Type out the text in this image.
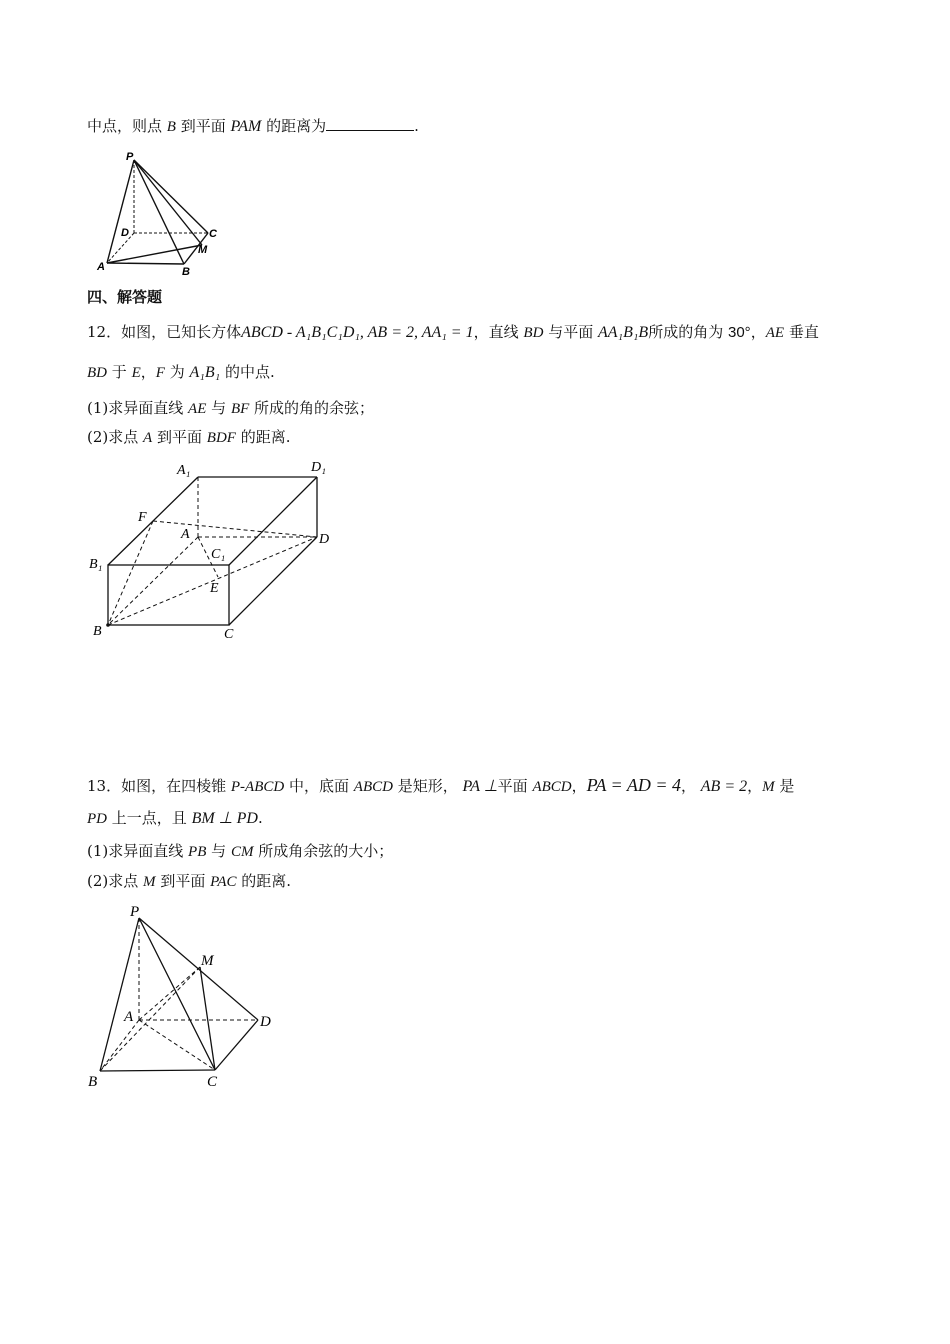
中点，则点 B 到平面 PAM 的距离为	.
P
D	C
M
A	B
四、解答题
12．如图，已知长方体ABCD - A₁B₁C₁D₁, AB = 2, AA₁ = 1，直线 BD 与平面 AA₁B₁B所成的角为 30°，AE 垂直
BD 于 E，F 为 A₁B₁ 的中点.
(1)求异面直线 AE 与 BF 所成的角的余弦；
(2)求点 A 到平面 BDF 的距离.
A₁	D₁
F
A
C₁
D
B₁
E
B	C
13．如图，在四棱锥 P-ABCD 中，底面 ABCD 是矩形， PA ⊥平面 ABCD，PA = AD = 4， AB = 2，M 是
PD 上一点，且 BM ⊥ PD.
(1)求异面直线 PB 与 CM 所成角余弦的大小；
(2)求点 M 到平面 PAC 的距离.
P
M
A	D
B	C
